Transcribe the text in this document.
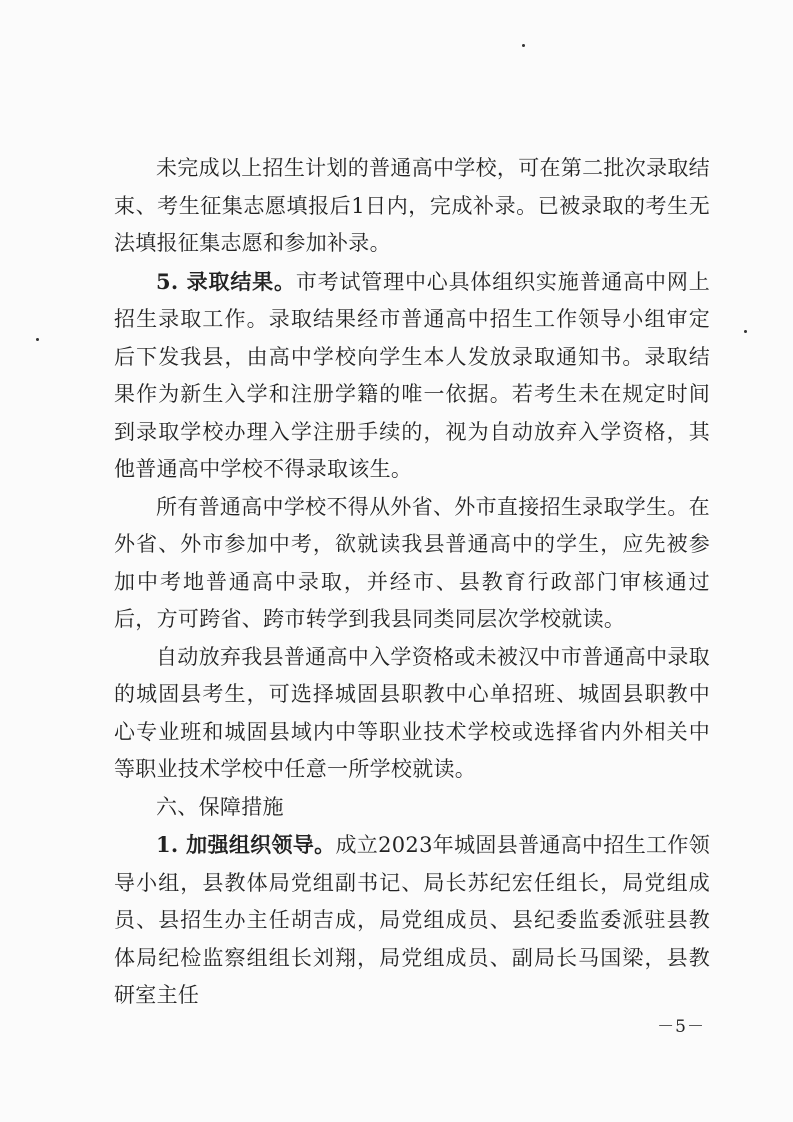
未完成以上招生计划的普通高中学校，可在第二批次录取结束、考生征集志愿填报后1日内，完成补录。已被录取的考生无法填报征集志愿和参加补录。

5. 录取结果。市考试管理中心具体组织实施普通高中网上招生录取工作。录取结果经市普通高中招生工作领导小组审定后下发我县，由高中学校向学生本人发放录取通知书。录取结果作为新生入学和注册学籍的唯一依据。若考生未在规定时间到录取学校办理入学注册手续的，视为自动放弃入学资格，其他普通高中学校不得录取该生。

所有普通高中学校不得从外省、外市直接招生录取学生。在外省、外市参加中考，欲就读我县普通高中的学生，应先被参加中考地普通高中录取，并经市、县教育行政部门审核通过后，方可跨省、跨市转学到我县同类同层次学校就读。

自动放弃我县普通高中入学资格或未被汉中市普通高中录取的城固县考生，可选择城固县职教中心单招班、城固县职教中心专业班和城固县域内中等职业技术学校或选择省内外相关中等职业技术学校中任意一所学校就读。

六、保障措施

1. 加强组织领导。成立2023年城固县普通高中招生工作领导小组，县教体局党组副书记、局长苏纪宏任组长，局党组成员、县招生办主任胡吉成，局党组成员、县纪委监委派驻县教体局纪检监察组组长刘翔，局党组成员、副局长马国梁，县教研室主任

－5－
